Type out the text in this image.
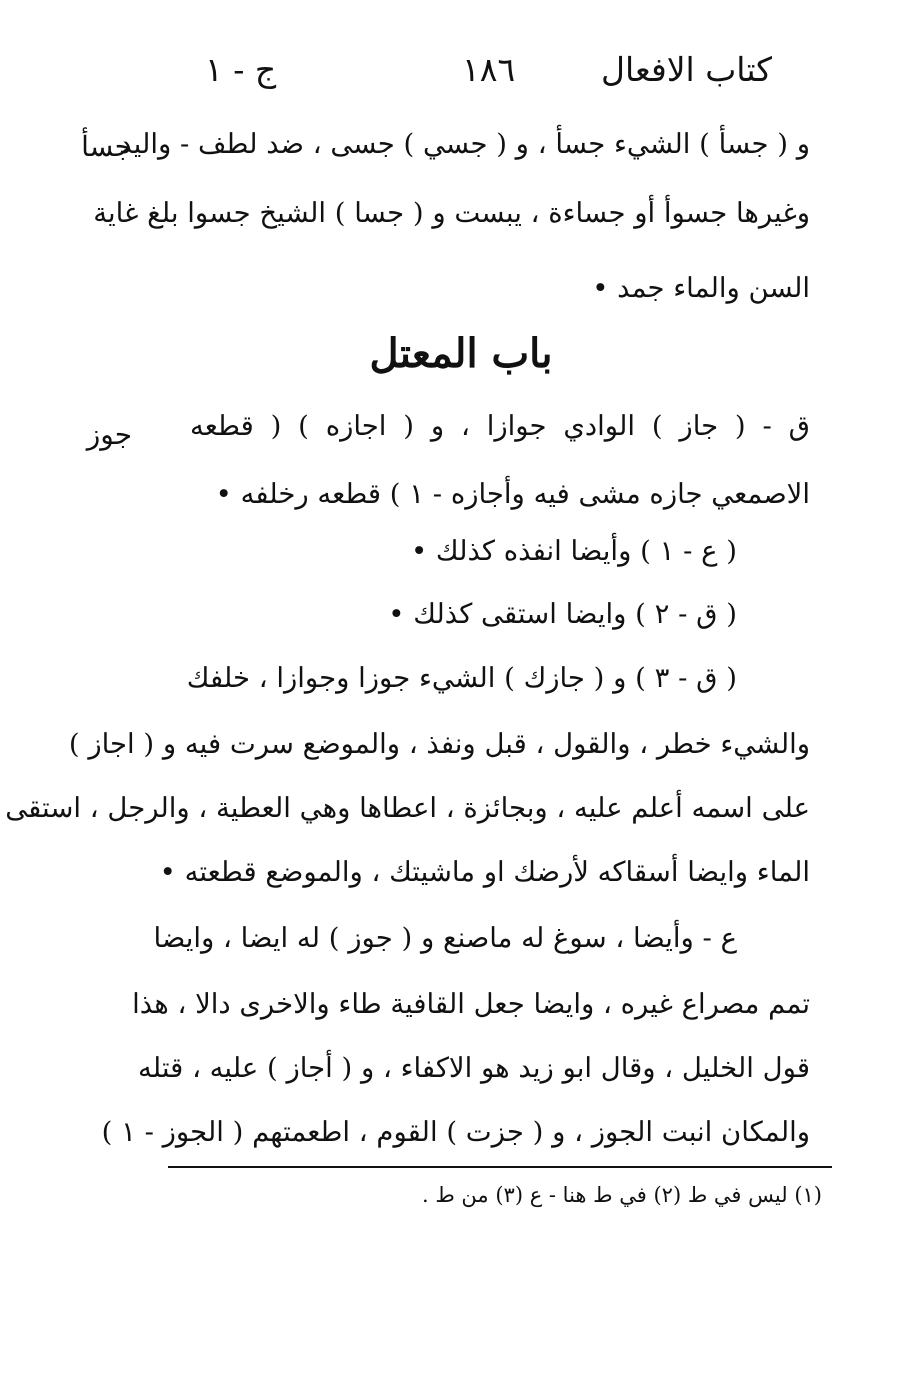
كتاب الافعال
١٨٦
ج - ١
جسأ
جوز
و ( جسأ ) الشيء جسأ ، و ( جسي ) جسى ، ضد لطف - واليد
وغيرها جسوأ أو جساءة ، يبست و ( جسا ) الشيخ جسوا بلغ غاية
السن والماء جمد •
باب المعتل
ق - ( جاز ) الوادي جوازا ، و ( اجازه ) ( قطعه
الاصمعي جازه مشى فيه وأجازه - ١ ) قطعه رخلفه •
( ع - ١ ) وأيضا انفذه كذلك •
( ق - ٢ ) وايضا استقى كذلك •
( ق - ٣ ) و ( جازك ) الشيء جوزا وجوازا ، خلفك
والشيء خطر ، والقول ، قبل ونفذ ، والموضع سرت فيه و ( اجاز )
على اسمه أعلم عليه ، وبجائزة ، اعطاها وهي العطية ، والرجل ، استقى
الماء وايضا أسقاكه لأرضك او ماشيتك ، والموضع قطعته •
ع - وأيضا ، سوغ له ماصنع و ( جوز ) له ايضا ، وايضا
تمم مصراع غيره ، وايضا جعل القافية طاء والاخرى دالا ، هذا
قول الخليل ، وقال ابو زيد هو الاكفاء ، و ( أجاز ) عليه ، قتله
والمكان انبت الجوز ، و ( جزت ) القوم ، اطعمتهم ( الجوز - ١ )
(١) ليس في ط (٢) في ط هنا - ع (٣) من ط .
